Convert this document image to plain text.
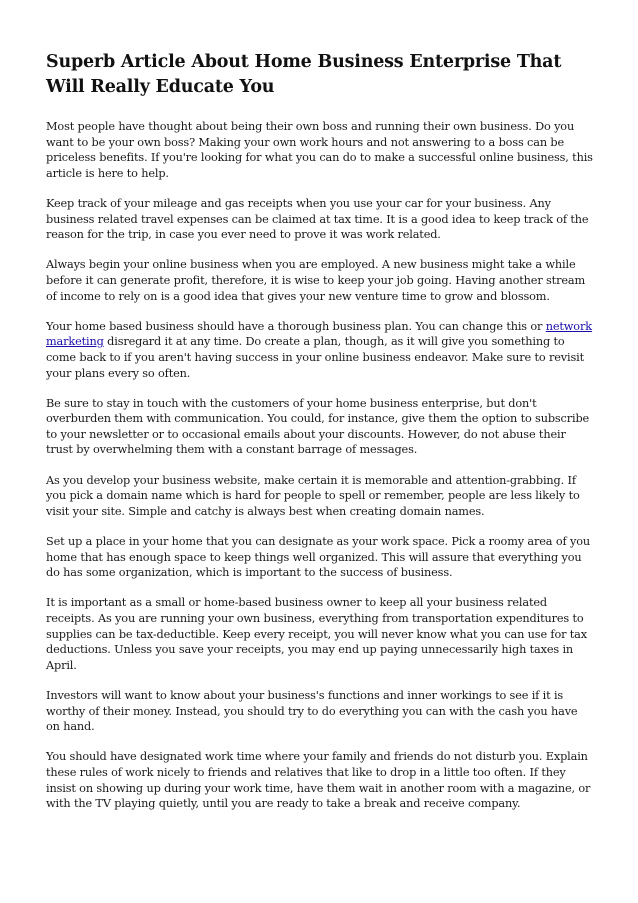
Superb Article About Home Business Enterprise That Will Really Educate You

Most people have thought about being their own boss and running their own business. Do you want to be your own boss? Making your own work hours and not answering to a boss can be priceless benefits. If you're looking for what you can do to make a successful online business, this article is here to help.

Keep track of your mileage and gas receipts when you use your car for your business. Any business related travel expenses can be claimed at tax time. It is a good idea to keep track of the reason for the trip, in case you ever need to prove it was work related.

Always begin your online business when you are employed. A new business might take a while before it can generate profit, therefore, it is wise to keep your job going. Having another stream of income to rely on is a good idea that gives your new venture time to grow and blossom.

Your home based business should have a thorough business plan. You can change this or network marketing disregard it at any time. Do create a plan, though, as it will give you something to come back to if you aren't having success in your online business endeavor. Make sure to revisit your plans every so often.

Be sure to stay in touch with the customers of your home business enterprise, but don't overburden them with communication. You could, for instance, give them the option to subscribe to your newsletter or to occasional emails about your discounts. However, do not abuse their trust by overwhelming them with a constant barrage of messages.

As you develop your business website, make certain it is memorable and attention-grabbing. If you pick a domain name which is hard for people to spell or remember, people are less likely to visit your site. Simple and catchy is always best when creating domain names.

Set up a place in your home that you can designate as your work space. Pick a roomy area of you home that has enough space to keep things well organized. This will assure that everything you do has some organization, which is important to the success of business.

It is important as a small or home-based business owner to keep all your business related receipts. As you are running your own business, everything from transportation expenditures to supplies can be tax-deductible. Keep every receipt, you will never know what you can use for tax deductions. Unless you save your receipts, you may end up paying unnecessarily high taxes in April.

Investors will want to know about your business's functions and inner workings to see if it is worthy of their money. Instead, you should try to do everything you can with the cash you have on hand.

You should have designated work time where your family and friends do not disturb you. Explain these rules of work nicely to friends and relatives that like to drop in a little too often. If they insist on showing up during your work time, have them wait in another room with a magazine, or with the TV playing quietly, until you are ready to take a break and receive company.
